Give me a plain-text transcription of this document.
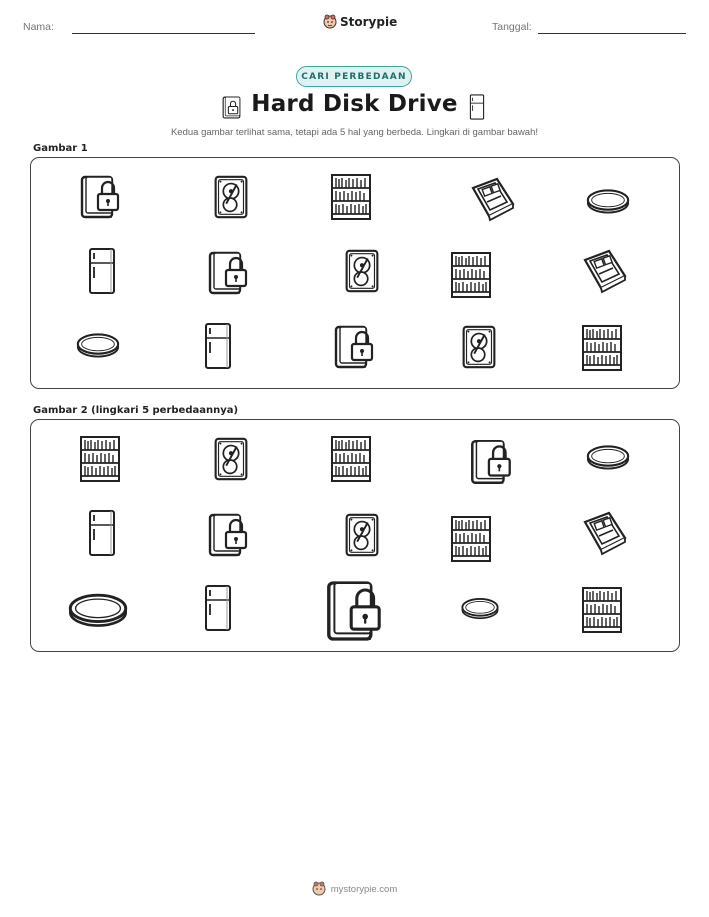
Nama:	Storypie	Tanggal:
CARI PERBEDAAN
Hard Disk Drive
Kedua gambar terlihat sama, tetapi ada 5 hal yang berbeda. Lingkari di gambar bawah!
Gambar 1
Gambar 2 (lingkari 5 perbedaannya)
mystorypie.com
